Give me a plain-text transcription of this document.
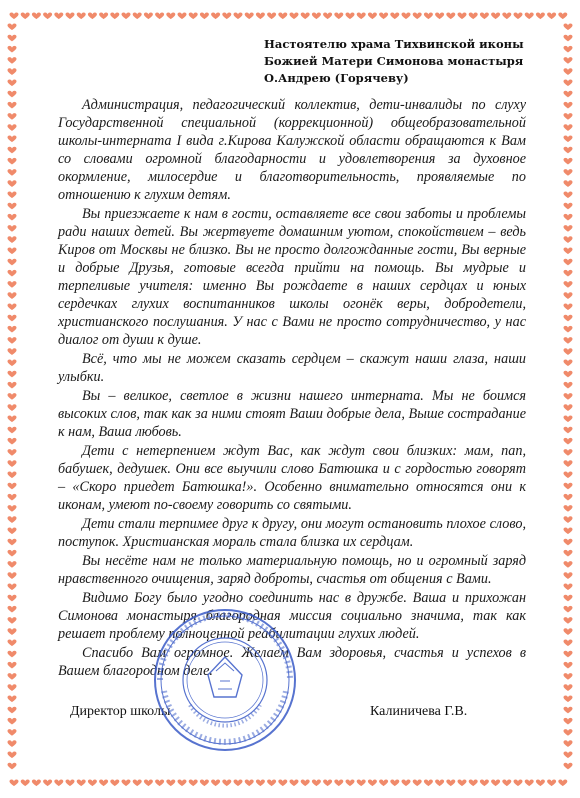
Настоятелю храма Тихвинской иконы
Божией Матери Симонова монастыря
О.Андрею (Горячеву)

Администрация, педагогический коллектив, дети-инвалиды по слуху Государственной специальной (коррекционной) общеобразовательной школы-интерната I вида г.Кирова Калужской области обращаются к Вам со словами огромной благодарности и удовлетворения за духовное окормление, милосердие и благотворительность, проявляемые по отношению к глухим детям.

Вы приезжаете к нам в гости, оставляете все свои заботы и проблемы ради наших детей. Вы жертвуете домашним уютом, спокойствием – ведь Киров от Москвы не близко. Вы не просто долгожданные гости, Вы верные и добрые Друзья, готовые всегда прийти на помощь. Вы мудрые и терпеливые учителя: именно Вы рождаете в наших сердцах и юных сердечках глухих воспитанников школы огонёк веры, добродетели, христианского послушания. У нас с Вами не просто сотрудничество, у нас диалог от души к душе.

Всё, что мы не можем сказать сердцем – скажут наши глаза, наши улыбки.

Вы – великое, светлое в жизни нашего интерната. Мы не боимся высоких слов, так как за ними стоят Ваши добрые дела, Выше сострадание к нам, Ваша любовь.

Дети с нетерпением ждут Вас, как ждут свои близких: мам, пап, бабушек, дедушек. Они все выучили слово Батюшка и с гордостью говорят – «Скоро приедет Батюшка!». Особенно внимательно относятся они к иконам, умеют по-своему говорить со святыми.

Дети стали терпимее друг к другу, они могут остановить плохое слово, поступок. Христианская мораль стала близка их сердцам.

Вы несёте нам не только материальную помощь, но и огромный заряд нравственного очищения, заряд доброты, счастья от общения с Вами.

Видимо Богу было угодно соединить нас в дружбе. Ваша и прихожан Симонова монастыря благородная миссия социально значима, так как решает проблему полноценной реабилитации глухих людей.

Спасибо Вам огромное. Желаем Вам здоровья, счастья и успехов в Вашем благородном деле.

Директор школы	Калиничева Г.В.
